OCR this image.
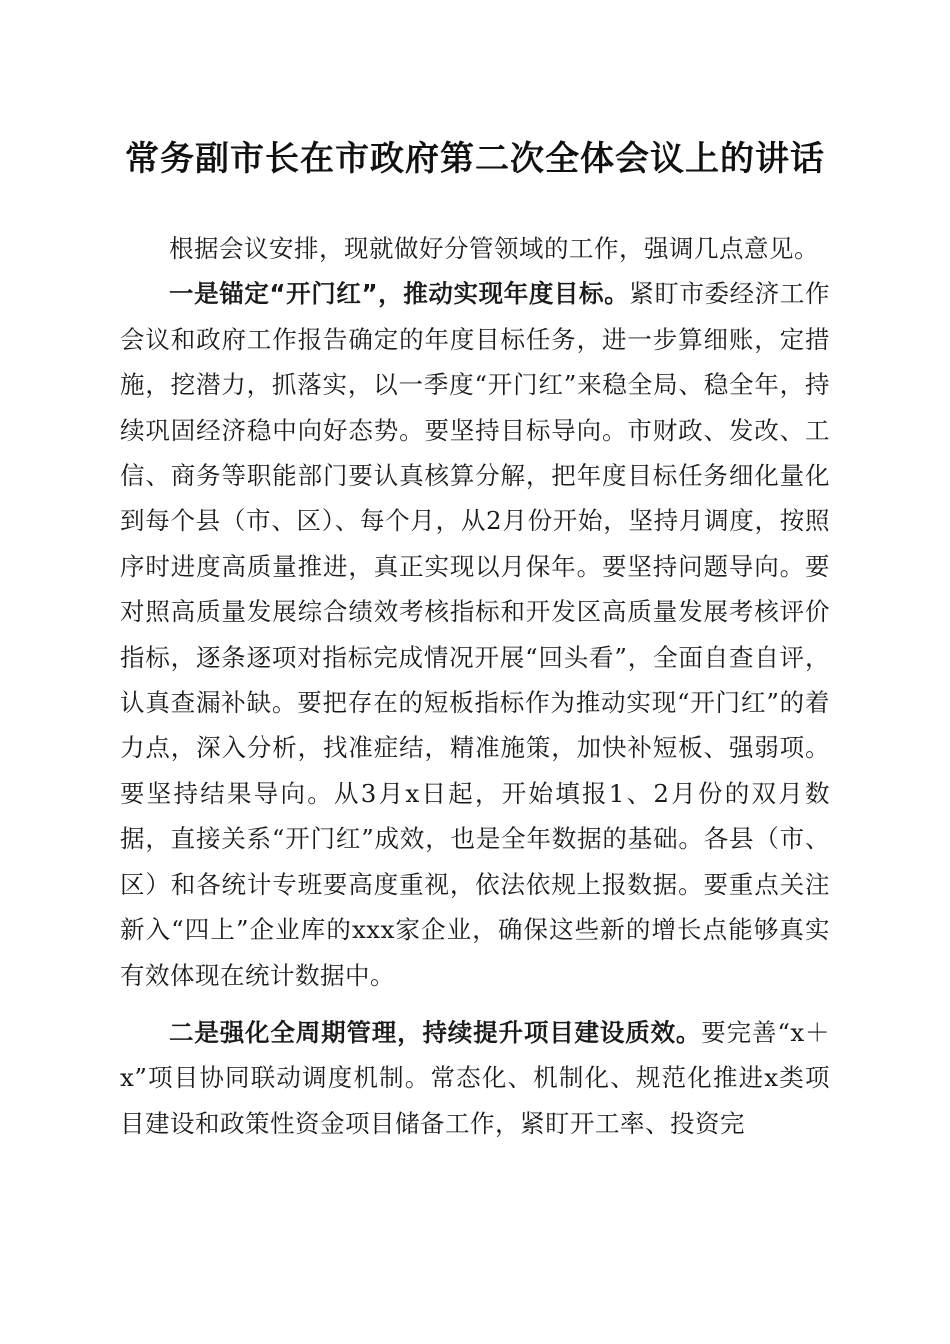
常务副市长在市政府第二次全体会议上的讲话

根据会议安排，现就做好分管领域的工作，强调几点意见。

一是锚定“开门红”，推动实现年度目标。紧盯市委经济工作会议和政府工作报告确定的年度目标任务，进一步算细账，定措施，挖潜力，抓落实，以一季度“开门红”来稳全局、稳全年，持续巩固经济稳中向好态势。要坚持目标导向。市财政、发改、工信、商务等职能部门要认真核算分解，把年度目标任务细化量化到每个县（市、区）、每个月，从2月份开始，坚持月调度，按照序时进度高质量推进，真正实现以月保年。要坚持问题导向。要对照高质量发展综合绩效考核指标和开发区高质量发展考核评价指标，逐条逐项对指标完成情况开展“回头看”，全面自查自评，认真查漏补缺。要把存在的短板指标作为推动实现“开门红”的着力点，深入分析，找准症结，精准施策，加快补短板、强弱项。要坚持结果导向。从3月x日起，开始填报1、2月份的双月数据，直接关系“开门红”成效，也是全年数据的基础。各县（市、区）和各统计专班要高度重视，依法依规上报数据。要重点关注新入“四上”企业库的xxx家企业，确保这些新的增长点能够真实有效体现在统计数据中。

二是强化全周期管理，持续提升项目建设质效。要完善“x＋x”项目协同联动调度机制。常态化、机制化、规范化推进x类项目建设和政策性资金项目储备工作，紧盯开工率、投资完
